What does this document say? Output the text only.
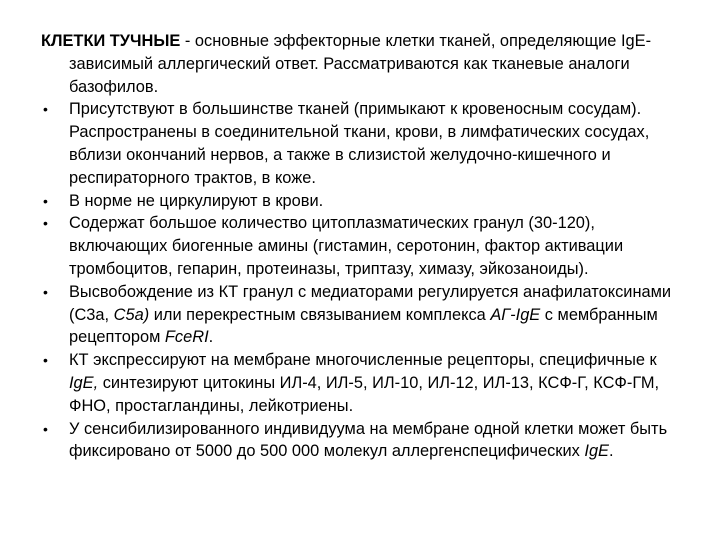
КЛЕТКИ ТУЧНЫЕ - основные эффекторные клетки тканей, определяющие IgE-зависимый аллергический ответ. Рассматриваются как тканевые аналоги базофилов.

•	Присутствуют в большинстве тканей (примыкают к кровеносным сосудам). Распространены в соединительной ткани, крови, в лимфатических сосудах, вблизи окончаний нервов, а также в слизистой желудочно-кишечного и респираторного трактов, в коже.
•	В норме не циркулируют в крови.
•	Содержат большое количество цитоплазматических гранул (30-120), включающих биогенные амины (гистамин, серотонин, фактор активации тромбоцитов, гепарин, протеиназы, триптазу, химазу, эйкозаноиды).
•	Высвобождение из КТ гранул с медиаторами регулируется анафилатоксинами (С3а, С5а) или перекрестным связыванием комплекса АГ-IgE с мембранным рецептором FceRI.
•	КТ экспрессируют на мембране многочисленные рецепторы, специфичные к IgE, синтезируют цитокины ИЛ-4, ИЛ-5, ИЛ-10, ИЛ-12, ИЛ-13, КСФ-Г, КСФ-ГМ, ФНО, простагландины, лейкотриены.
•	У сенсибилизированного индивидуума на мембране одной клетки может быть фиксировано от 5000 до 500 000 молекул аллергенспецифических IgE.
